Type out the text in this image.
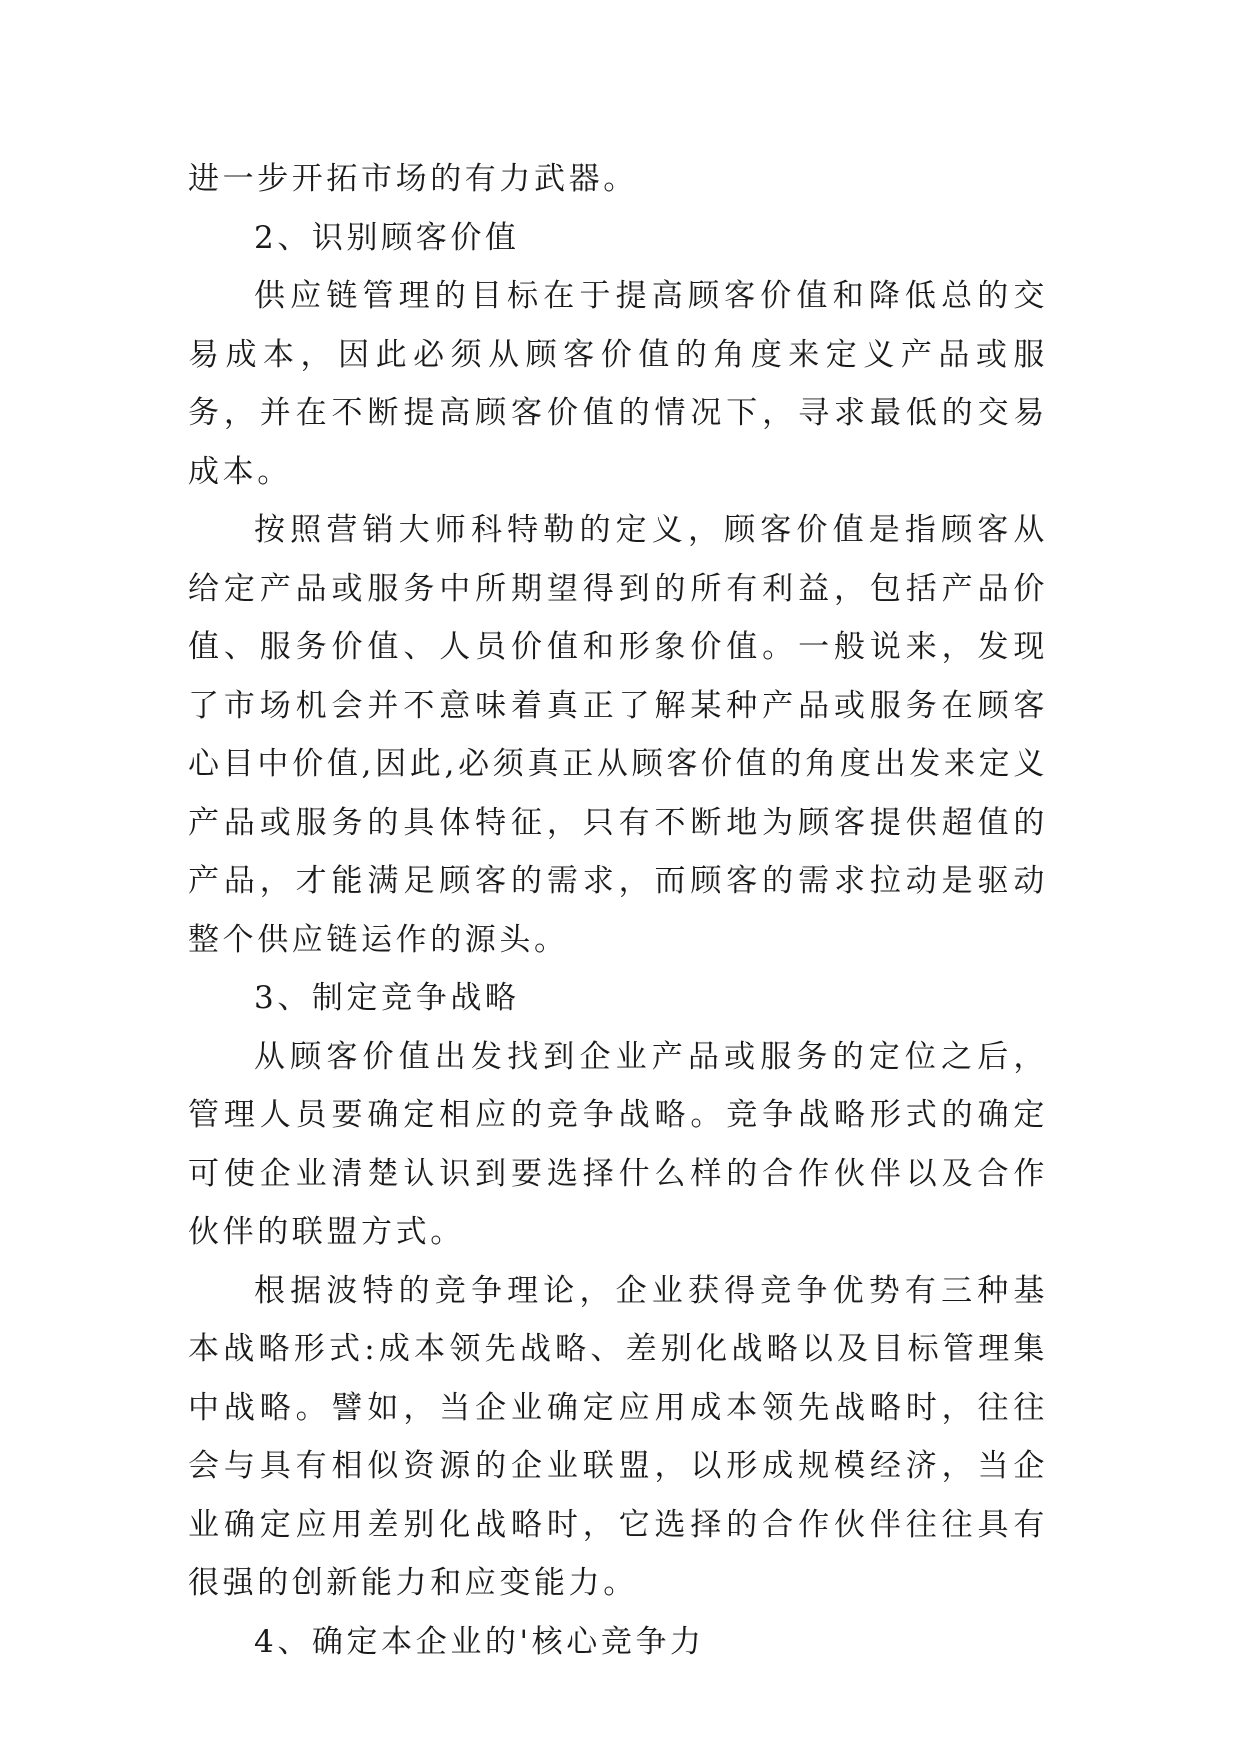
进一步开拓市场的有力武器。

2、识别顾客价值

供应链管理的目标在于提高顾客价值和降低总的交易成本，因此必须从顾客价值的角度来定义产品或服务，并在不断提高顾客价值的情况下，寻求最低的交易成本。

按照营销大师科特勒的定义，顾客价值是指顾客从给定产品或服务中所期望得到的所有利益，包括产品价值、服务价值、人员价值和形象价值。一般说来，发现了市场机会并不意味着真正了解某种产品或服务在顾客心目中价值,因此,必须真正从顾客价值的角度出发来定义产品或服务的具体特征，只有不断地为顾客提供超值的产品，才能满足顾客的需求，而顾客的需求拉动是驱动整个供应链运作的源头。

3、制定竞争战略

从顾客价值出发找到企业产品或服务的定位之后，管理人员要确定相应的竞争战略。竞争战略形式的确定可使企业清楚认识到要选择什么样的合作伙伴以及合作伙伴的联盟方式。

根据波特的竞争理论，企业获得竞争优势有三种基本战略形式:成本领先战略、差别化战略以及目标管理集中战略。譬如，当企业确定应用成本领先战略时，往往会与具有相似资源的企业联盟，以形成规模经济，当企业确定应用差别化战略时，它选择的合作伙伴往往具有很强的创新能力和应变能力。

4、确定本企业的'核心竞争力
